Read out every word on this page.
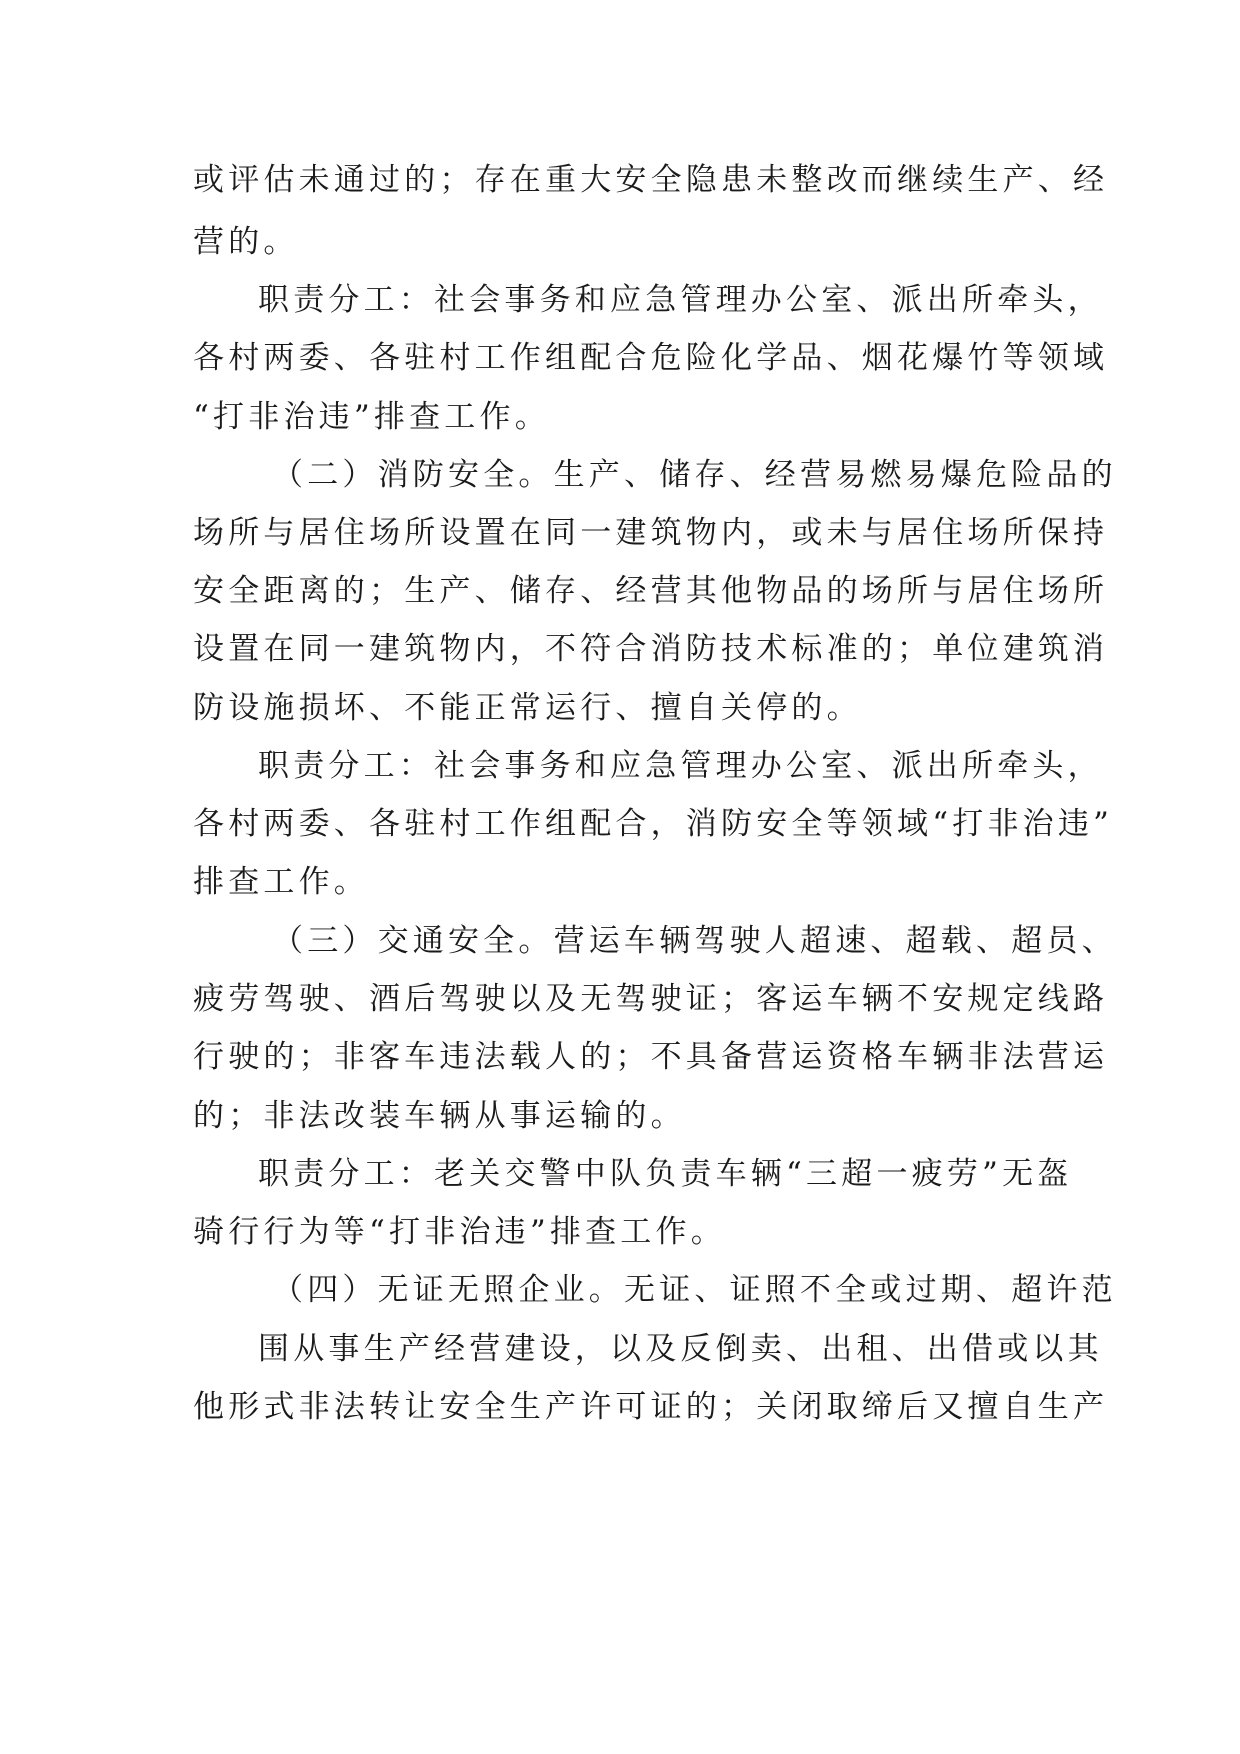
或评估未通过的；存在重大安全隐患未整改而继续生产、经
营的。
职责分工：社会事务和应急管理办公室、派出所牵头，
各村两委、各驻村工作组配合危险化学品、烟花爆竹等领域
“打非治违”排查工作。
（二）消防安全。生产、储存、经营易燃易爆危险品的
场所与居住场所设置在同一建筑物内，或未与居住场所保持
安全距离的；生产、储存、经营其他物品的场所与居住场所
设置在同一建筑物内，不符合消防技术标准的；单位建筑消
防设施损坏、不能正常运行、擅自关停的。
职责分工：社会事务和应急管理办公室、派出所牵头，
各村两委、各驻村工作组配合，消防安全等领域“打非治违”
排查工作。
（三）交通安全。营运车辆驾驶人超速、超载、超员、
疲劳驾驶、酒后驾驶以及无驾驶证；客运车辆不安规定线路
行驶的；非客车违法载人的；不具备营运资格车辆非法营运
的；非法改装车辆从事运输的。
职责分工：老关交警中队负责车辆“三超一疲劳”无盔
骑行行为等“打非治违”排查工作。
（四）无证无照企业。无证、证照不全或过期、超许范
围从事生产经营建设，以及反倒卖、出租、出借或以其
他形式非法转让安全生产许可证的；关闭取缔后又擅自生产
